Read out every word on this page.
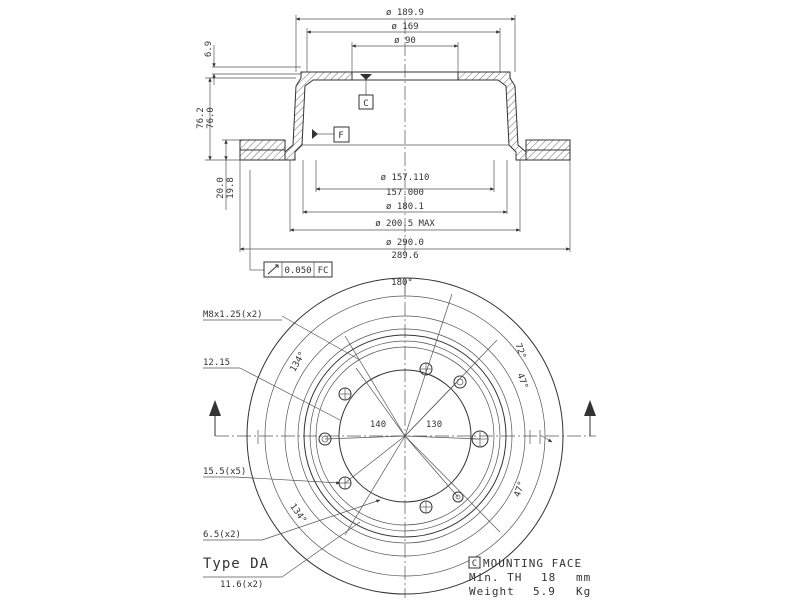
ø 189.9
ø 169
ø 90
6.9
76.2 76.0
20.0 19.8
C
F
ø 157.110
157.000
ø 180.1
ø 200.5 MAX
ø 290.0
289.6
0.050 FC
180°
72°
47°
47°
134°
134°
140	130
M8x1.25(x2)
12.15
15.5(x5)
6.5(x2)
11.6(x2)
Type DA	C MOUNTING FACE
Min. TH 18 mm
Weight 5.9 Kg
